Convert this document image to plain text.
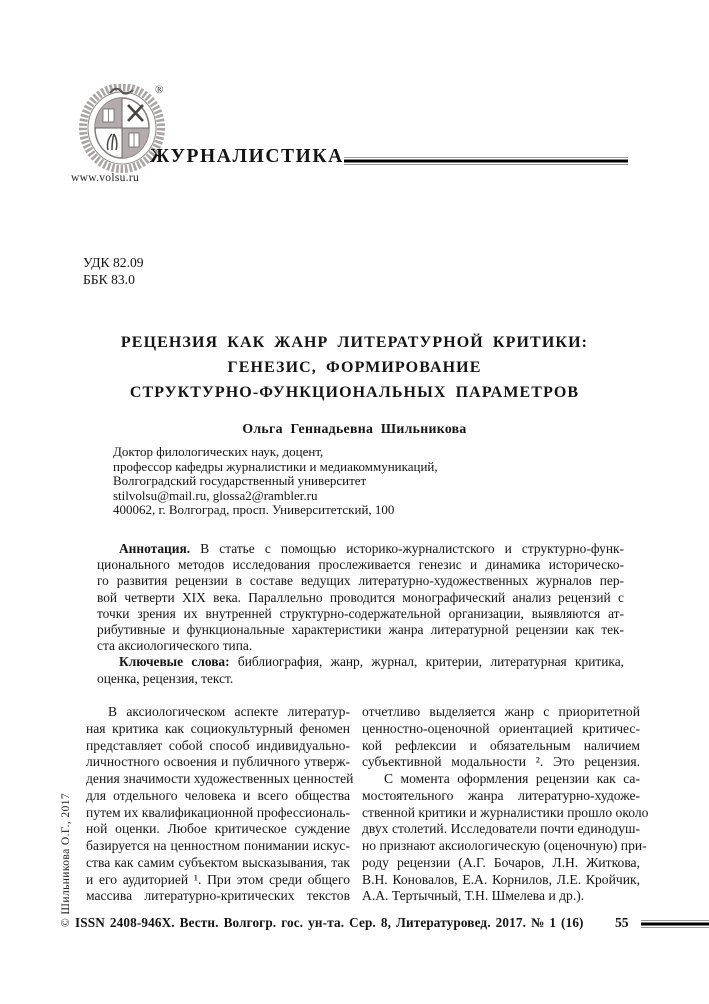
®
www.volsu.ru
ЖУРНАЛИСТИКА
УДК 82.09
ББК 83.0
РЕЦЕНЗИЯ КАК ЖАНР ЛИТЕРАТУРНОЙ КРИТИКИ:
ГЕНЕЗИС, ФОРМИРОВАНИЕ
СТРУКТУРНО-ФУНКЦИОНАЛЬНЫХ ПАРАМЕТРОВ
Ольга Геннадьевна Шильникова
Доктор филологических наук, доцент,
профессор кафедры журналистики и медиакоммуникаций,
Волгоградский государственный университет
stilvolsu@mail.ru, glossa2@rambler.ru
400062, г. Волгоград, просп. Университетский, 100
Аннотация. В статье с помощью историко-журналистского и структурно-функ-
ционального методов исследования прослеживается генезис и динамика историческо-
го развития рецензии в составе ведущих литературно-художественных журналов пер-
вой четверти XIX века. Параллельно проводится монографический анализ рецензий с
точки зрения их внутренней структурно-содержательной организации, выявляются ат-
рибутивные и функциональные характеристики жанра литературной рецензии как тек-
ста аксиологического типа.
Ключевые слова: библиография, жанр, журнал, критерии, литературная критика,
оценка, рецензия, текст.
В аксиологическом аспекте литератур-
ная критика как социокультурный феномен
представляет собой способ индивидуально-
личностного освоения и публичного утверж-
дения значимости художественных ценностей
для отдельного человека и всего общества
путем их квалификационной профессиональ-
ной оценки. Любое критическое суждение
базируется на ценностном понимании искус-
ства как самим субъектом высказывания, так
и его аудиторией ¹. При этом среди общего
массива литературно-критических текстов
отчетливо выделяется жанр с приоритетной
ценностно-оценочной ориентацией критичес-
кой рефлексии и обязательным наличием
субъективной модальности ². Это рецензия.
С момента оформления рецензии как са-
мостоятельного жанра литературно-художе-
ственной критики и журналистики прошло около
двух столетий. Исследователи почти единодуш-
но признают аксиологическую (оценочную) при-
роду рецензии (А.Г. Бочаров, Л.Н. Житкова,
В.Н. Коновалов, Е.А. Корнилов, Л.Е. Кройчик,
А.А. Тертычный, Т.Н. Шмелева и др.).
© Шильникова О.Г., 2017 ISSN 2408-946X. Вестн. Волгогр. гос. ун-та. Сер. 8, Литературовед. 2017. № 1 (16) 55
